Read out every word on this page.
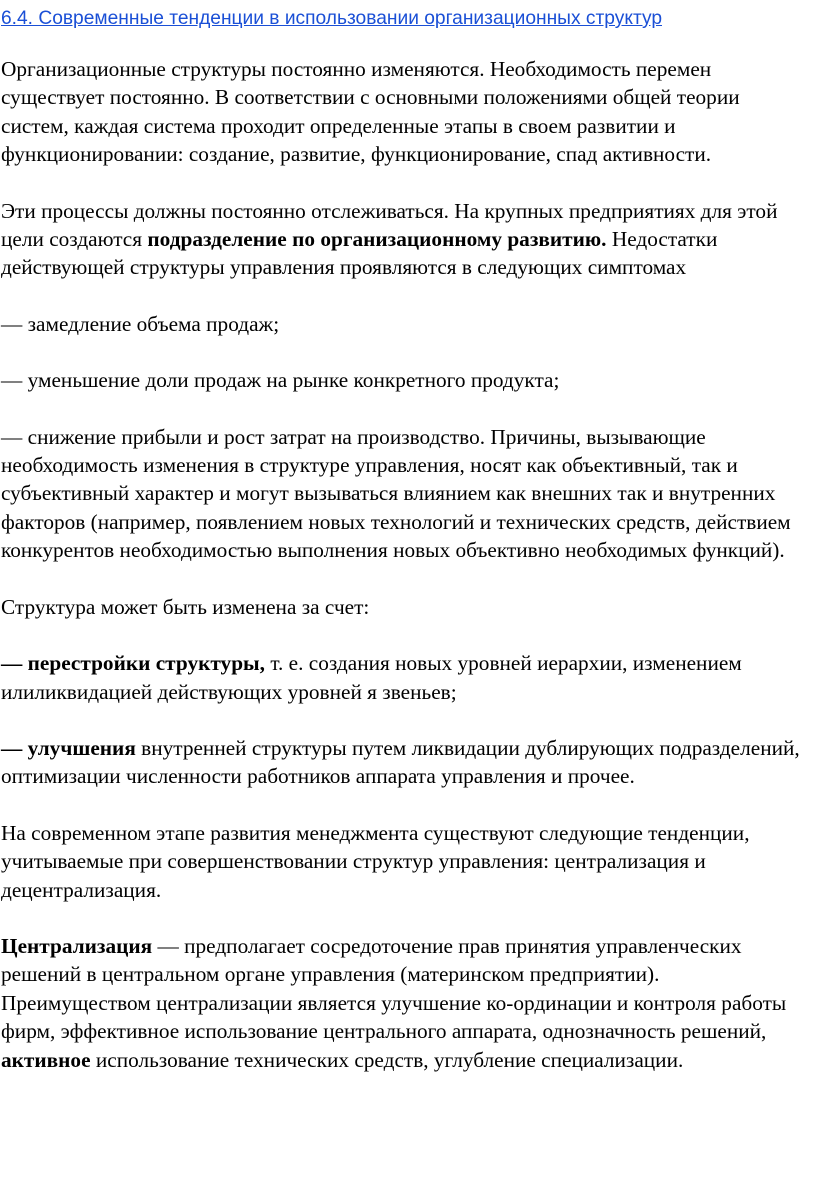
6.4. Современные тенденции в использовании организационных структур

Организационные структуры постоянно изменяются. Необходимость перемен существует постоянно. В соответствии с основными положениями общей теории систем, каждая система проходит определенные этапы в своем развитии и функционировании: создание, развитие, функционирование, спад активности.

Эти процессы должны постоянно отслеживаться. На крупных предприятиях для этой цели создаются подразделение по организационному развитию. Недостатки действующей структуры управления проявляются в следующих симптомах

— замедление объема продаж;

— уменьшение доли продаж на рынке конкретного продукта;

— снижение прибыли и рост затрат на производство. Причины, вызывающие необходимость изменения в структуре управления, носят как объективный, так и субъективный характер и могут вызываться влиянием как внешних так и внутренних факторов (например, появлением новых технологий и технических средств, действием конкурентов необходимостью выполнения новых объективно необходимых функций).

Структура может быть изменена за счет:

— перестройки структуры, т. е. создания новых уровней иерархии, изменением илиликвидацией действующих уровней я звеньев;

— улучшения внутренней структуры путем ликвидации дублирующих подразделений, оптимизации численности работников аппарата управления и прочее.

На современном этапе развития менеджмента существуют следующие тенденции, учитываемые при совершенствовании структур управления: централизация и децентрализация.

Централизация — предполагает сосредоточение прав принятия управленческих решений в центральном органе управления (материнском предприятии). Преимуществом централизации является улучшение ко-ординации и контроля работы фирм, эффективное использование центрального аппарата, однозначность решений, активное использование технических средств, углубление специализации.
